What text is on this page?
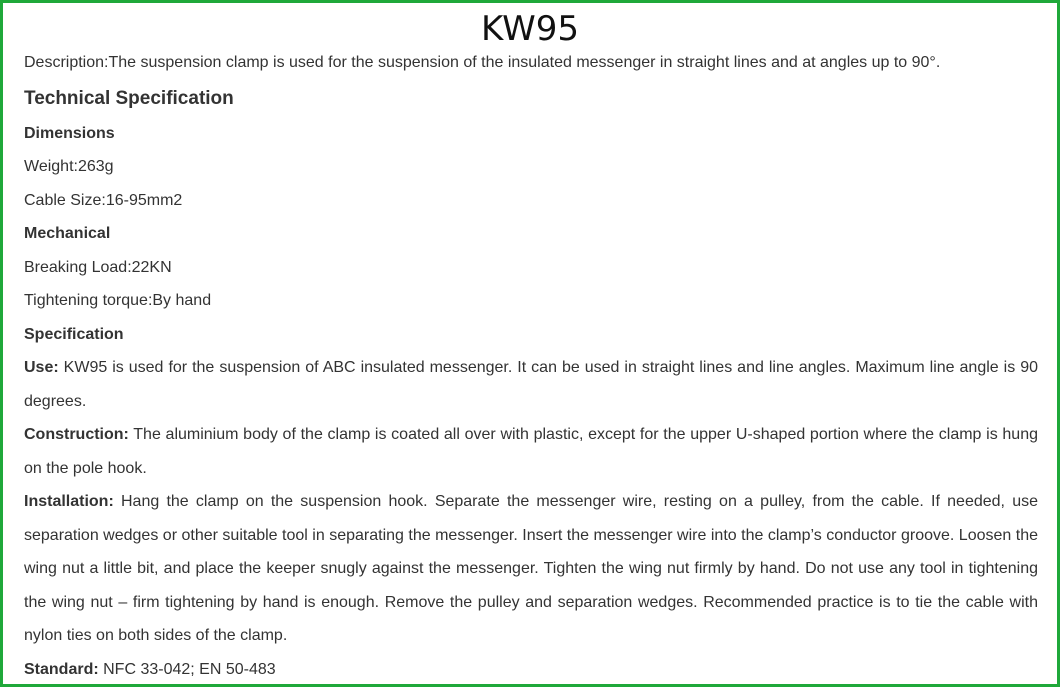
KW95
Description:The suspension clamp is used for the suspension of the insulated messenger in straight lines and at angles up to 90°.
Technical Specification
Dimensions
Weight:263g
Cable Size:16-95mm2
Mechanical
Breaking Load:22KN
Tightening torque:By hand
Specification
Use: KW95 is used for the suspension of ABC insulated messenger. It can be used in straight lines and line angles. Maximum line angle is 90 degrees.
Construction: The aluminium body of the clamp is coated all over with plastic, except for the upper U-shaped portion where the clamp is hung on the pole hook.
Installation: Hang the clamp on the suspension hook. Separate the messenger wire, resting on a pulley, from the cable. If needed, use separation wedges or other suitable tool in separating the messenger. Insert the messenger wire into the clamp’s conductor groove. Loosen the wing nut a little bit, and place the keeper snugly against the messenger. Tighten the wing nut firmly by hand. Do not use any tool in tightening the wing nut – firm tightening by hand is enough. Remove the pulley and separation wedges. Recommended practice is to tie the cable with nylon ties on both sides of the clamp.
Standard: NFC 33-042; EN 50-483
